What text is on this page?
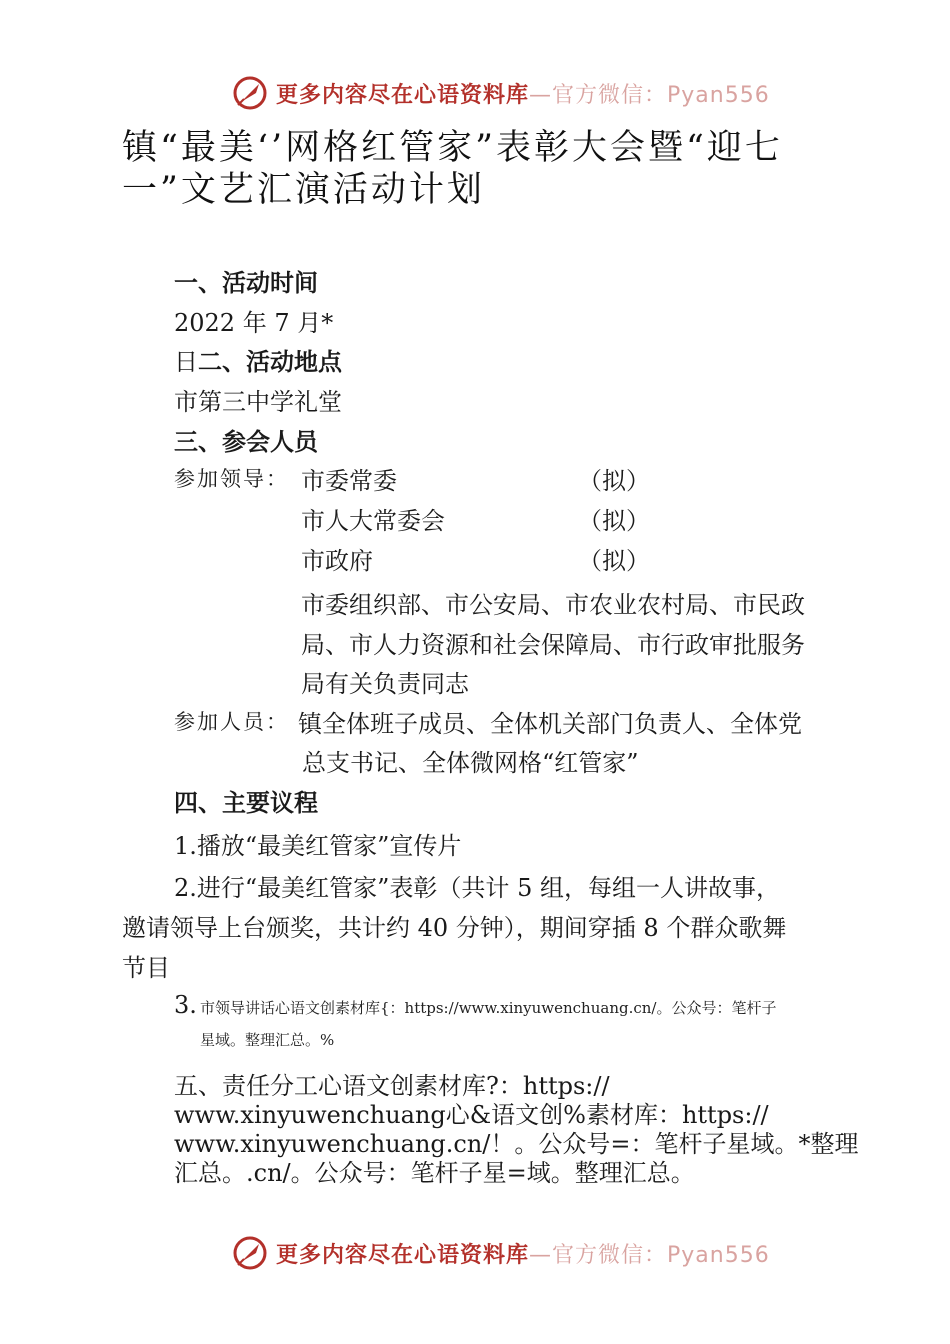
更多内容尽在心语资料库 —官方微信：Pyan556
镇“最美‘’网格红管家”表彰大会暨“迎七
一”文艺汇演活动计划
一、活动时间
2022 年 7 月*
日 二、活动地点
市第三中学礼堂
三、参会人员
参加领导： 市委常委	（拟）
市人大常委会	（拟）
市政府	（拟）
市委组织部、市公安局、市农业农村局、市民政
局、市人力资源和社会保障局、市行政审批服务
局有关负责同志
参加人员： 镇全体班子成员、全体机关部门负责人、全体党
总支书记、全体微网格“红管家”
四、主要议程
1.播放“最美红管家”宣传片
2.进行“最美红管家”表彰（共计 5 组，每组一人讲故事，
邀请领导上台颁奖，共计约 40 分钟），期间穿插 8 个群众歌舞
节目
3. 市领导讲话心语文创素材库{：https://www.xinyuwenchuang.cn/。公众号：笔杆子
星域。整理汇总。%
五、责任分工心语文创素材库?：https://
www.xinyuwenchuang心&语文创%素材库：https://
www.xinyuwenchuang.cn/！。公众号=：笔杆子星域。*整理
汇总。.cn/。公众号：笔杆子星=域。整理汇总。
更多内容尽在心语资料库 —官方微信：Pyan556
